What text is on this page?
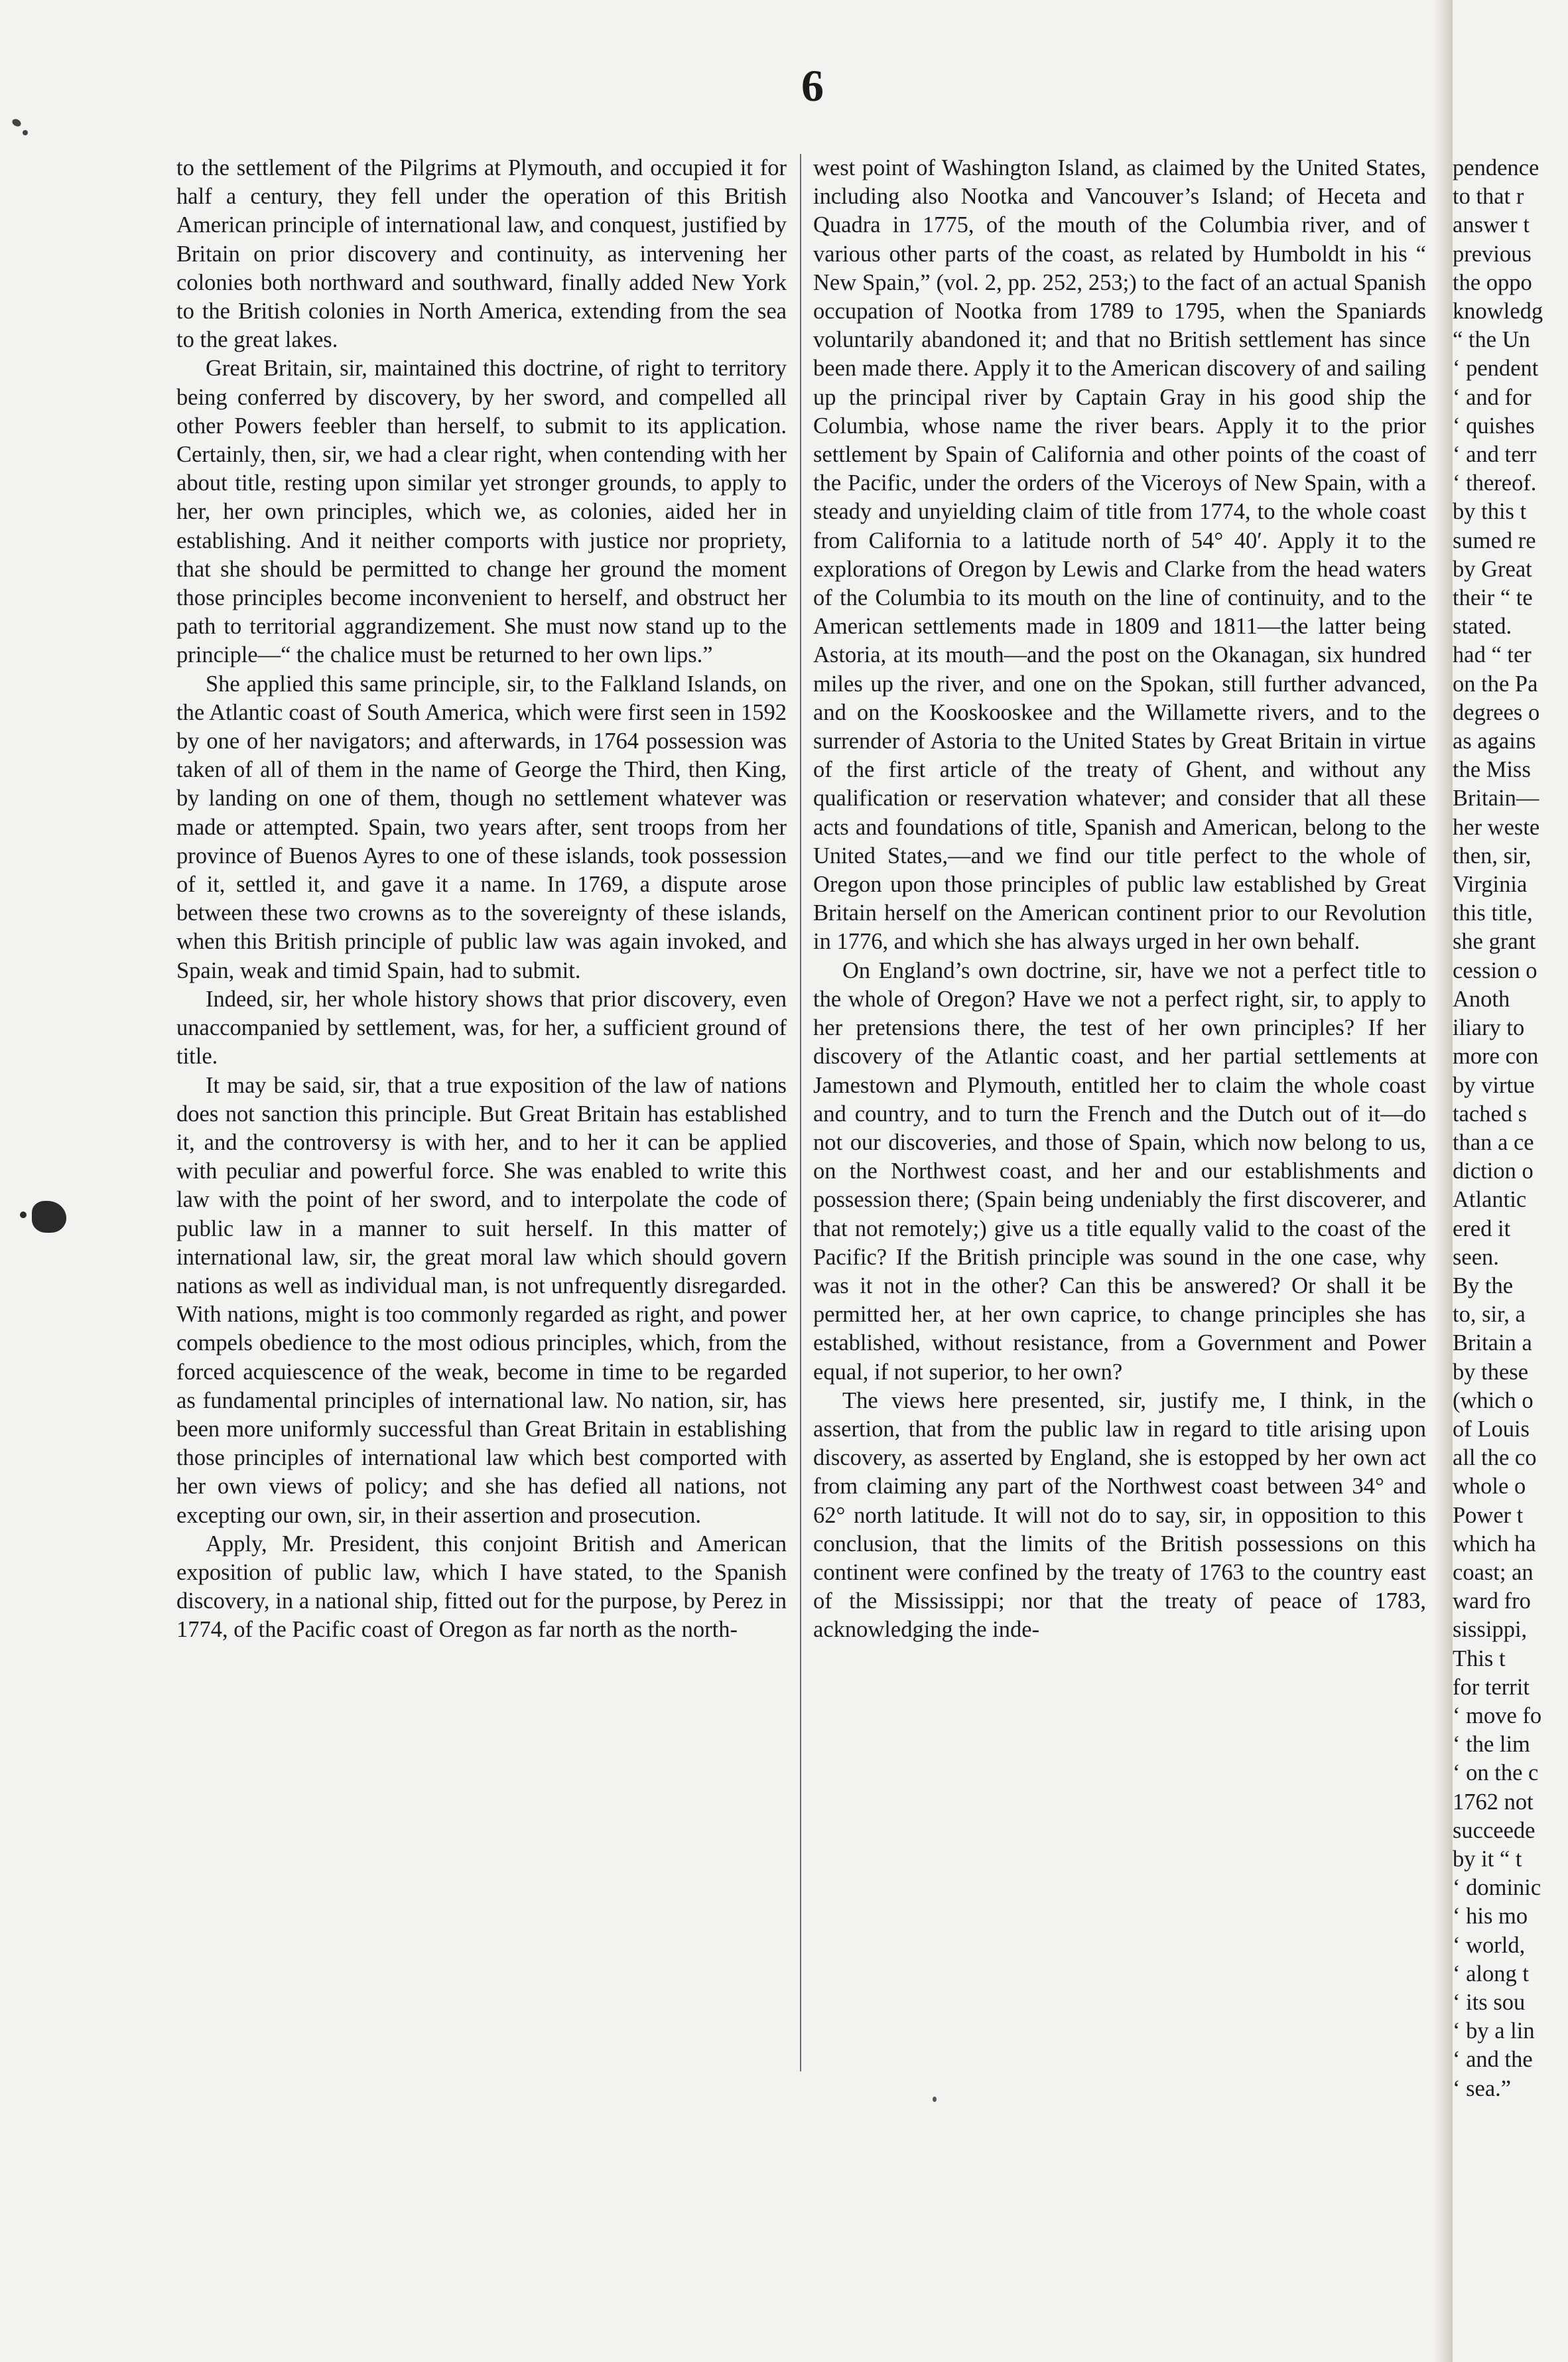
6

to the settlement of the Pilgrims at Plymouth, and occupied it for half a century, they fell under the operation of this British American principle of international law, and conquest, justified by Britain on prior discovery and continuity, as intervening her colonies both northward and southward, finally added New York to the British colonies in North America, extending from the sea to the great lakes.

Great Britain, sir, maintained this doctrine, of right to territory being conferred by discovery, by her sword, and compelled all other Powers feebler than herself, to submit to its application. Certainly, then, sir, we had a clear right, when contending with her about title, resting upon similar yet stronger grounds, to apply to her, her own principles, which we, as colonies, aided her in establishing. And it neither comports with justice nor propriety, that she should be permitted to change her ground the moment those principles become inconvenient to herself, and obstruct her path to territorial aggrandizement. She must now stand up to the principle—“ the chalice must be returned to her own lips.”

She applied this same principle, sir, to the Falkland Islands, on the Atlantic coast of South America, which were first seen in 1592 by one of her navigators; and afterwards, in 1764 possession was taken of all of them in the name of George the Third, then King, by landing on one of them, though no settlement whatever was made or attempted. Spain, two years after, sent troops from her province of Buenos Ayres to one of these islands, took possession of it, settled it, and gave it a name. In 1769, a dispute arose between these two crowns as to the sovereignty of these islands, when this British principle of public law was again invoked, and Spain, weak and timid Spain, had to submit.

Indeed, sir, her whole history shows that prior discovery, even unaccompanied by settlement, was, for her, a sufficient ground of title.

It may be said, sir, that a true exposition of the law of nations does not sanction this principle. But Great Britain has established it, and the controversy is with her, and to her it can be applied with peculiar and powerful force. She was enabled to write this law with the point of her sword, and to interpolate the code of public law in a manner to suit herself. In this matter of international law, sir, the great moral law which should govern nations as well as individual man, is not unfrequently disregarded. With nations, might is too commonly regarded as right, and power compels obedience to the most odious principles, which, from the forced acquiescence of the weak, become in time to be regarded as fundamental principles of international law. No nation, sir, has been more uniformly successful than Great Britain in establishing those principles of international law which best comported with her own views of policy; and she has defied all nations, not excepting our own, sir, in their assertion and prosecution.

Apply, Mr. President, this conjoint British and American exposition of public law, which I have stated, to the Spanish discovery, in a national ship, fitted out for the purpose, by Perez in 1774, of the Pacific coast of Oregon as far north as the north-

west point of Washington Island, as claimed by the United States, including also Nootka and Vancouver’s Island; of Heceta and Quadra in 1775, of the mouth of the Columbia river, and of various other parts of the coast, as related by Humboldt in his “ New Spain,” (vol. 2, pp. 252, 253;) to the fact of an actual Spanish occupation of Nootka from 1789 to 1795, when the Spaniards voluntarily abandoned it; and that no British settlement has since been made there. Apply it to the American discovery of and sailing up the principal river by Captain Gray in his good ship the Columbia, whose name the river bears. Apply it to the prior settlement by Spain of California and other points of the coast of the Pacific, under the orders of the Viceroys of New Spain, with a steady and unyielding claim of title from 1774, to the whole coast from California to a latitude north of 54° 40′. Apply it to the explorations of Oregon by Lewis and Clarke from the head waters of the Columbia to its mouth on the line of continuity, and to the American settlements made in 1809 and 1811—the latter being Astoria, at its mouth—and the post on the Okanagan, six hundred miles up the river, and one on the Spokan, still further advanced, and on the Kooskooskee and the Willamette rivers, and to the surrender of Astoria to the United States by Great Britain in virtue of the first article of the treaty of Ghent, and without any qualification or reservation whatever; and consider that all these acts and foundations of title, Spanish and American, belong to the United States,—and we find our title perfect to the whole of Oregon upon those principles of public law established by Great Britain herself on the American continent prior to our Revolution in 1776, and which she has always urged in her own behalf.

On England’s own doctrine, sir, have we not a perfect title to the whole of Oregon? Have we not a perfect right, sir, to apply to her pretensions there, the test of her own principles? If her discovery of the Atlantic coast, and her partial settlements at Jamestown and Plymouth, entitled her to claim the whole coast and country, and to turn the French and the Dutch out of it—do not our discoveries, and those of Spain, which now belong to us, on the Northwest coast, and her and our establishments and possession there; (Spain being undeniably the first discoverer, and that not remotely;) give us a title equally valid to the coast of the Pacific? If the British principle was sound in the one case, why was it not in the other? Can this be answered? Or shall it be permitted her, at her own caprice, to change principles she has established, without resistance, from a Government and Power equal, if not superior, to her own?

The views here presented, sir, justify me, I think, in the assertion, that from the public law in regard to title arising upon discovery, as asserted by England, she is estopped by her own act from claiming any part of the Northwest coast between 34° and 62° north latitude. It will not do to say, sir, in opposition to this conclusion, that the limits of the British possessions on this continent were confined by the treaty of 1763 to the country east of the Mississippi; nor that the treaty of peace of 1783, acknowledging the inde-

pendence

to that r

answer t

previous

the oppo

knowledg

“ the Un

‘ pendent

‘ and for

‘ quishes

‘ and terr

‘ thereof.

by this t

sumed re

by Great

their “ te

stated.

had “ ter

on the Pa

degrees o

as agains

the Miss

Britain—

her weste

then, sir,

Virginia

this title,

she grant

cession o

Anoth

iliary to

more con

by virtue

tached s

than a ce

diction o

Atlantic

ered it

seen.

By the

to, sir, a

Britain a

by these

(which o

of Louis

all the co

whole o

Power t

which ha

coast; an

ward fro

sissippi,

This t

for territ

‘ move fo

‘ the lim

‘ on the c

1762 not

succeede

by it “ t

‘ dominic

‘ his mo

‘ world,

‘ along t

‘ its sou

‘ by a lin

‘ and the

‘ sea.”
